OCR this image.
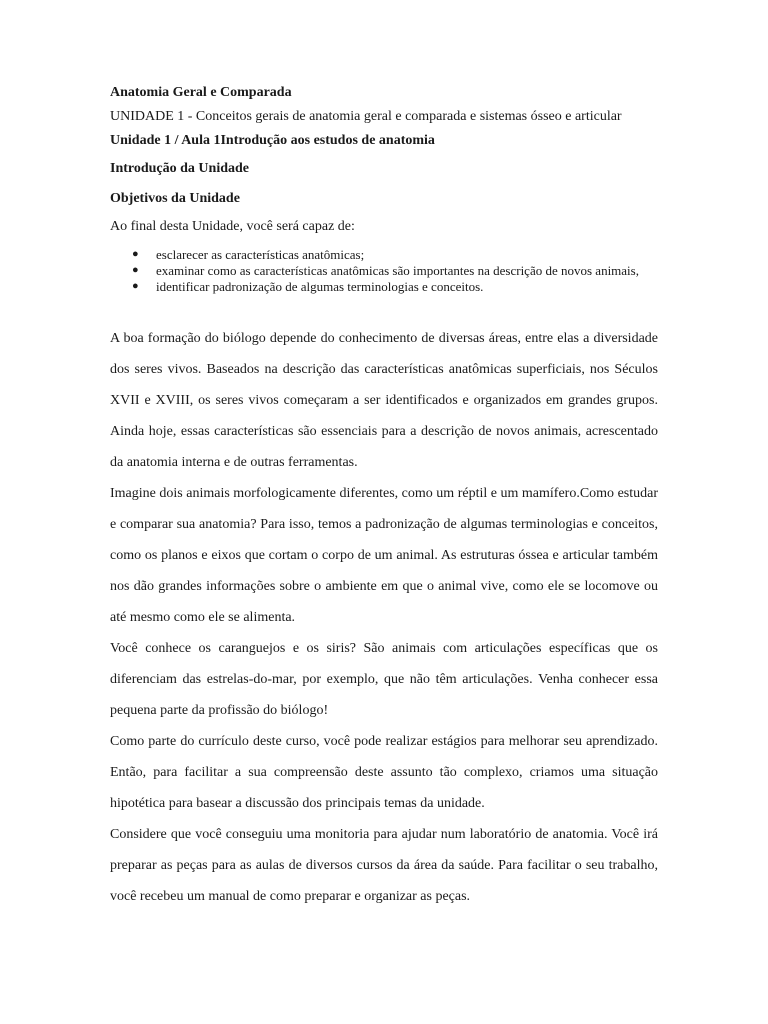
Anatomia Geral e Comparada
UNIDADE 1 - Conceitos gerais de anatomia geral e comparada e sistemas ósseo e articular
Unidade 1 / Aula 1Introdução aos estudos de anatomia
Introdução da Unidade
Objetivos da Unidade
Ao final desta Unidade, você será capaz de:
● esclarecer as características anatômicas;
● examinar como as características anatômicas são importantes na descrição de novos animais,
● identificar padronização de algumas terminologias e conceitos.

A boa formação do biólogo depende do conhecimento de diversas áreas, entre elas a diversidade dos seres vivos. Baseados na descrição das características anatômicas superficiais, nos Séculos XVII e XVIII, os seres vivos começaram a ser identificados e organizados em grandes grupos. Ainda hoje, essas características são essenciais para a descrição de novos animais, acrescentado da anatomia interna e de outras ferramentas.

Imagine dois animais morfologicamente diferentes, como um réptil e um mamífero.Como estudar e comparar sua anatomia? Para isso, temos a padronização de algumas terminologias e conceitos, como os planos e eixos que cortam o corpo de um animal. As estruturas óssea e articular também nos dão grandes informações sobre o ambiente em que o animal vive, como ele se locomove ou até mesmo como ele se alimenta.

Você conhece os caranguejos e os siris? São animais com articulações específicas que os diferenciam das estrelas-do-mar, por exemplo, que não têm articulações. Venha conhecer essa pequena parte da profissão do biólogo!

Como parte do currículo deste curso, você pode realizar estágios para melhorar seu aprendizado. Então, para facilitar a sua compreensão deste assunto tão complexo, criamos uma situação hipotética para basear a discussão dos principais temas da unidade.

Considere que você conseguiu uma monitoria para ajudar num laboratório de anatomia. Você irá preparar as peças para as aulas de diversos cursos da área da saúde. Para facilitar o seu trabalho, você recebeu um manual de como preparar e organizar as peças.
